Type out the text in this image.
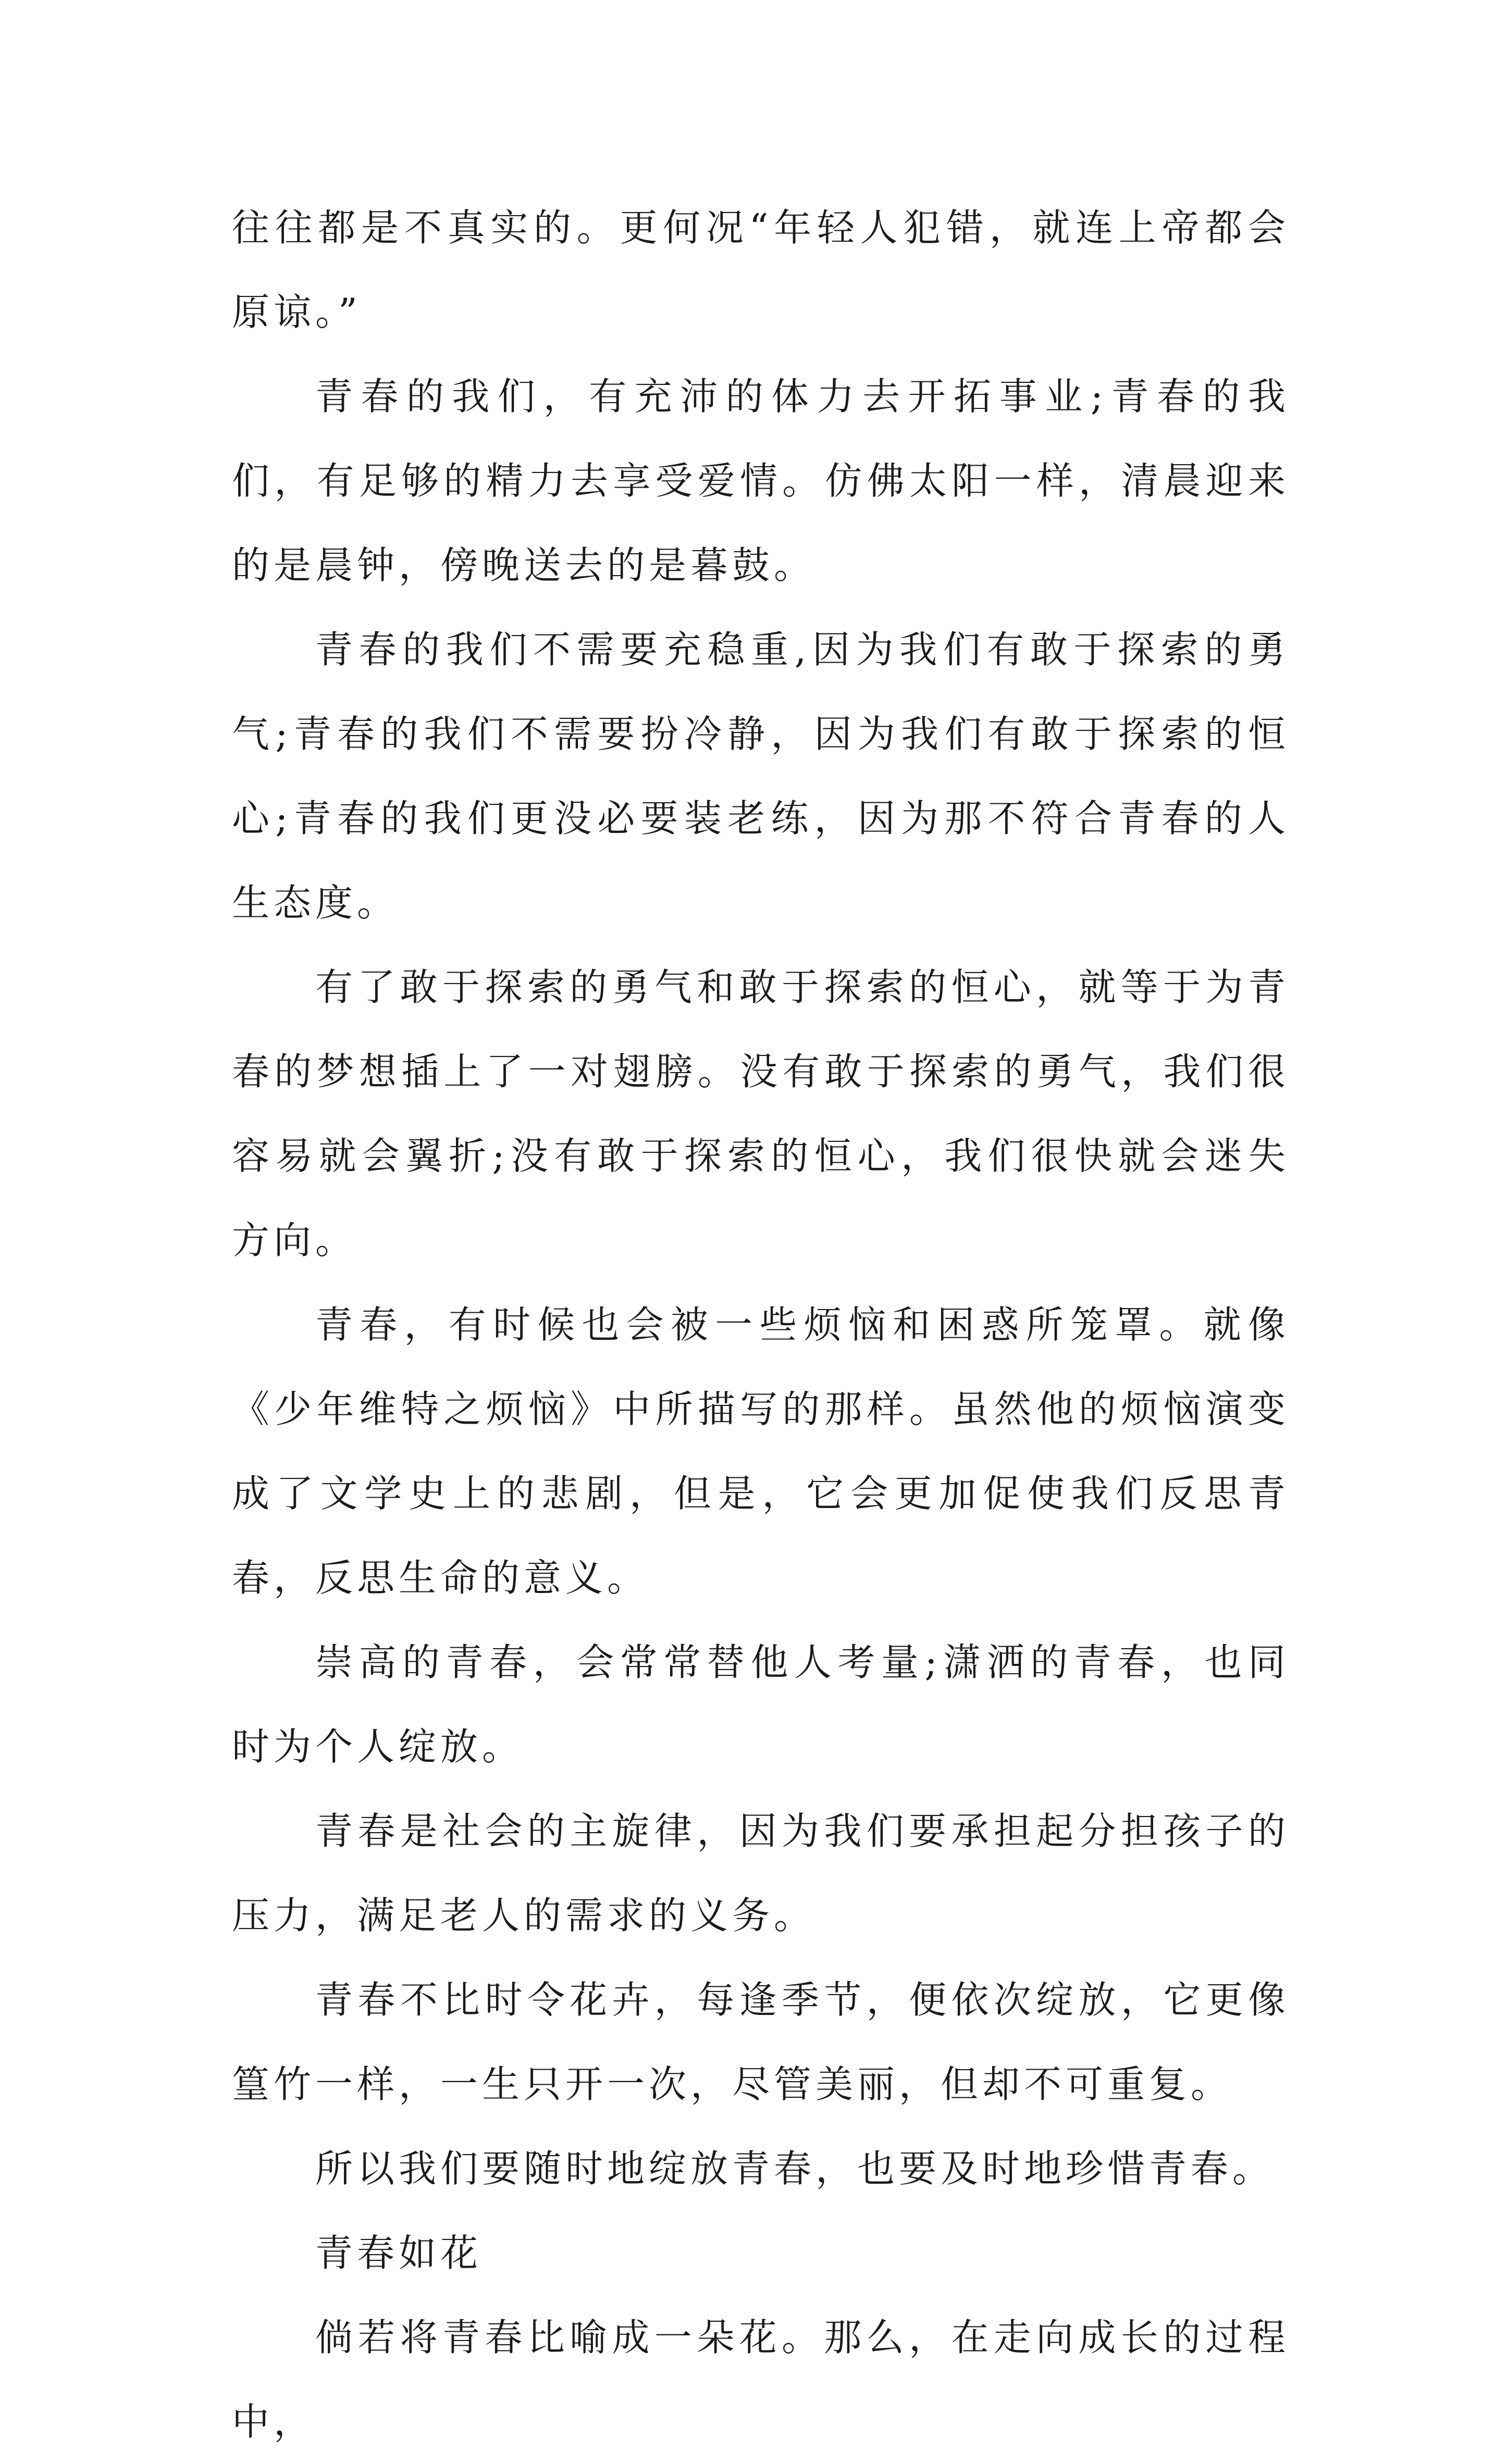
往往都是不真实的。更何况“年轻人犯错，就连上帝都会原谅。”

青春的我们，有充沛的体力去开拓事业;青春的我们，有足够的精力去享受爱情。仿佛太阳一样，清晨迎来的是晨钟，傍晚送去的是暮鼓。

青春的我们不需要充稳重,因为我们有敢于探索的勇气;青春的我们不需要扮冷静，因为我们有敢于探索的恒心;青春的我们更没必要装老练，因为那不符合青春的人生态度。

有了敢于探索的勇气和敢于探索的恒心，就等于为青春的梦想插上了一对翅膀。没有敢于探索的勇气，我们很容易就会翼折;没有敢于探索的恒心，我们很快就会迷失方向。

青春，有时候也会被一些烦恼和困惑所笼罩。就像《少年维特之烦恼》中所描写的那样。虽然他的烦恼演变成了文学史上的悲剧，但是，它会更加促使我们反思青春，反思生命的意义。

崇高的青春，会常常替他人考量;潇洒的青春，也同时为个人绽放。

青春是社会的主旋律，因为我们要承担起分担孩子的压力，满足老人的需求的义务。

青春不比时令花卉，每逢季节，便依次绽放，它更像篁竹一样，一生只开一次，尽管美丽，但却不可重复。

所以我们要随时地绽放青春，也要及时地珍惜青春。

青春如花

倘若将青春比喻成一朵花。那么，在走向成长的过程中，
